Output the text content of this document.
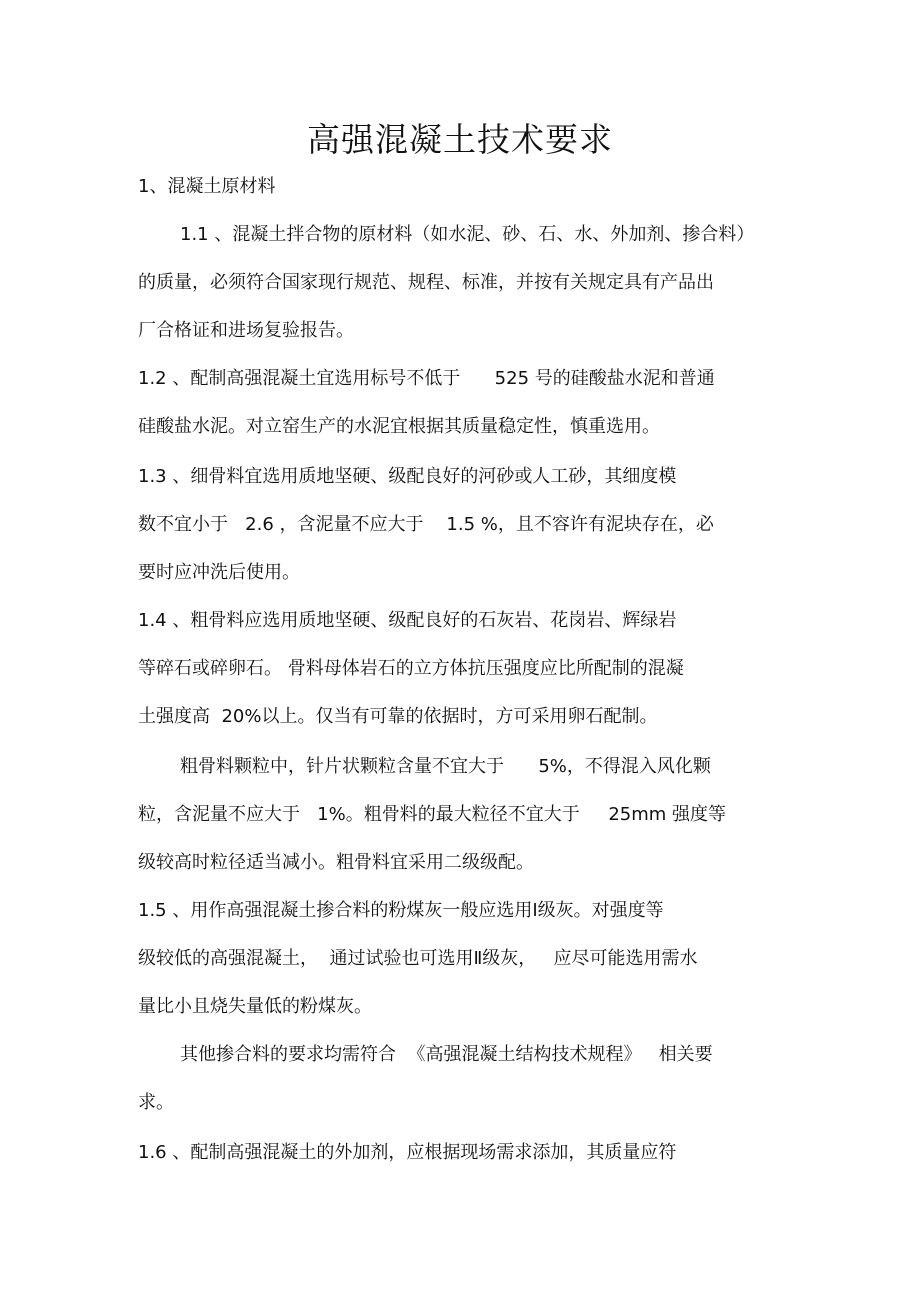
高强混凝土技术要求
1、混凝土原材料
1.1 、混凝土拌合物的原材料（如水泥、砂、石、水、外加剂、掺合料）
的质量，必须符合国家现行规范、规程、标准，并按有关规定具有产品出
厂合格证和进场复验报告。
1.2 、配制高强混凝土宜选用标号不低于      525 号的硅酸盐水泥和普通
硅酸盐水泥。对立窑生产的水泥宜根据其质量稳定性，慎重选用。
1.3 、细骨料宜选用质地坚硬、级配良好的河砂或人工砂，其细度模
数不宜小于   2.6 ，含泥量不应大于    1.5 %，且不容许有泥块存在，必
要时应冲洗后使用。
1.4 、粗骨料应选用质地坚硬、级配良好的石灰岩、花岗岩、辉绿岩
等碎石或碎卵石。 骨料母体岩石的立方体抗压强度应比所配制的混凝
土强度高  20%以上。仅当有可靠的依据时，方可采用卵石配制。
粗骨料颗粒中，针片状颗粒含量不宜大于      5%，不得混入风化颗
粒，含泥量不应大于   1%。粗骨料的最大粒径不宜大于     25mm 强度等
级较高时粒径适当减小。粗骨料宜采用二级级配。
1.5 、用作高强混凝土掺合料的粉煤灰一般应选用Ⅰ级灰。对强度等
级较低的高强混凝土，  通过试验也可选用Ⅱ级灰，   应尽可能选用需水
量比小且烧失量低的粉煤灰。
其他掺合料的要求均需符合  《高强混凝土结构技术规程》   相关要
求。
1.6 、配制高强混凝土的外加剂，应根据现场需求添加，其质量应符
